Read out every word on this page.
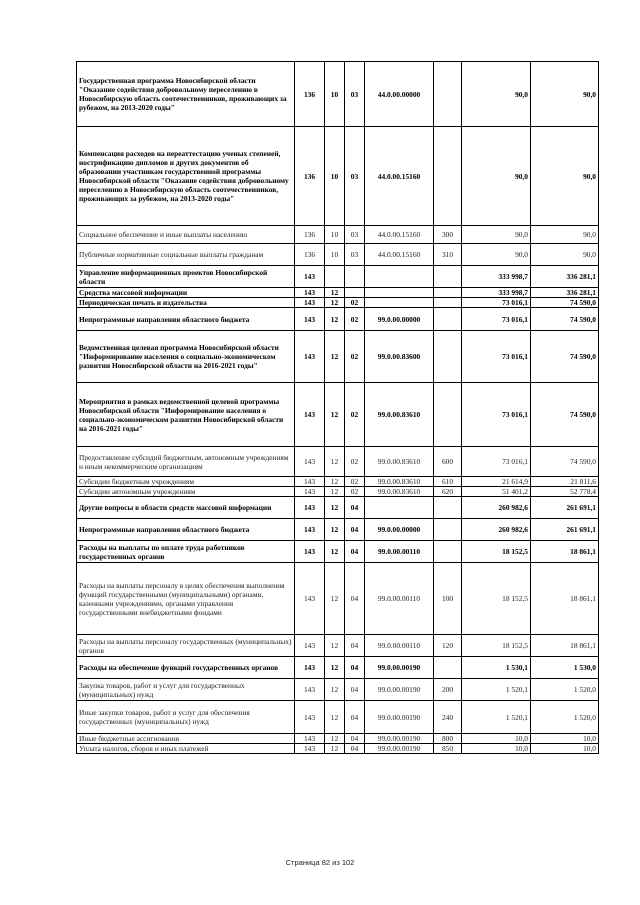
Государственная программа Новосибирской области "Оказание содействия добровольному переселению в Новосибирскую область соотечественников, проживающих за рубежом, на 2013-2020 годы"	136	10	03	44.0.00.00000		90,0	90,0
Компенсация расходов на переаттестацию ученых степеней, нострификацию дипломов и других документов об образовании участникам государственной программы Новосибирской области "Оказание содействия добровольному переселению в Новосибирскую область соотечественников, проживающих за рубежом, на 2013-2020 годы"	136	10	03	44.0.00.15160		90,0	90,0
Социальное обеспечение и иные выплаты населению	136	10	03	44.0.00.15160	300	90,0	90,0
Публичные нормативные социальные выплаты гражданам	136	10	03	44.0.00.15160	310	90,0	90,0
Управление информационных проектов Новосибирской области	143					333 998,7	336 281,1
Средства массовой информации	143	12				333 998,7	336 281,1
Периодическая печать и издательства	143	12	02			73 016,1	74 590,0
Непрограммные направления областного бюджета	143	12	02	99.0.00.00000		73 016,1	74 590,0
Ведомственная целевая программа Новосибирской области "Информирование населения о социально-экономическом развитии Новосибирской области на 2016-2021 годы"	143	12	02	99.0.00.83600		73 016,1	74 590,0
Мероприятия в рамках ведомственной целевой программы Новосибирской области "Информирование населения о социально-экономическом развитии Новосибирской области на 2016-2021 годы"	143	12	02	99.0.00.83610		73 016,1	74 590,0
Предоставление субсидий бюджетным, автономным учреждениям и иным некоммерческим организациям	143	12	02	99.0.00.83610	600	73 016,1	74 590,0
Субсидии бюджетным учреждениям	143	12	02	99.0.00.83610	610	21 614,9	21 811,6
Субсидии автономным учреждениям	143	12	02	99.0.00.83610	620	51 401,2	52 778,4
Другие вопросы в области средств массовой информации	143	12	04			260 982,6	261 691,1
Непрограммные направления областного бюджета	143	12	04	99.0.00.00000		260 982,6	261 691,1
Расходы на выплаты по оплате труда работников государственных органов	143	12	04	99.0.00.00110		18 152,5	18 861,1
Расходы на выплаты персоналу в целях обеспечения выполнения функций государственными (муниципальными) органами, казенными учреждениями, органами управления государственными внебюджетными фондами	143	12	04	99.0.00.00110	100	18 152,5	18 861,1
Расходы на выплаты персоналу государственных (муниципальных) органов	143	12	04	99.0.00.00110	120	18 152,5	18 861,1
Расходы на обеспечение функций государственных органов	143	12	04	99.0.00.00190		1 530,1	1 530,0
Закупка товаров, работ и услуг для государственных (муниципальных) нужд	143	12	04	99.0.00.00190	200	1 520,1	1 520,0
Иные закупки товаров, работ и услуг для обеспечения государственных (муниципальных) нужд	143	12	04	99.0.00.00190	240	1 520,1	1 520,0
Иные бюджетные ассигнования	143	12	04	99.0.00.00190	800	10,0	10,0
Уплата налогов, сборов и иных платежей	143	12	04	99.0.00.00190	850	10,0	10,0
Страница 82 из 102
